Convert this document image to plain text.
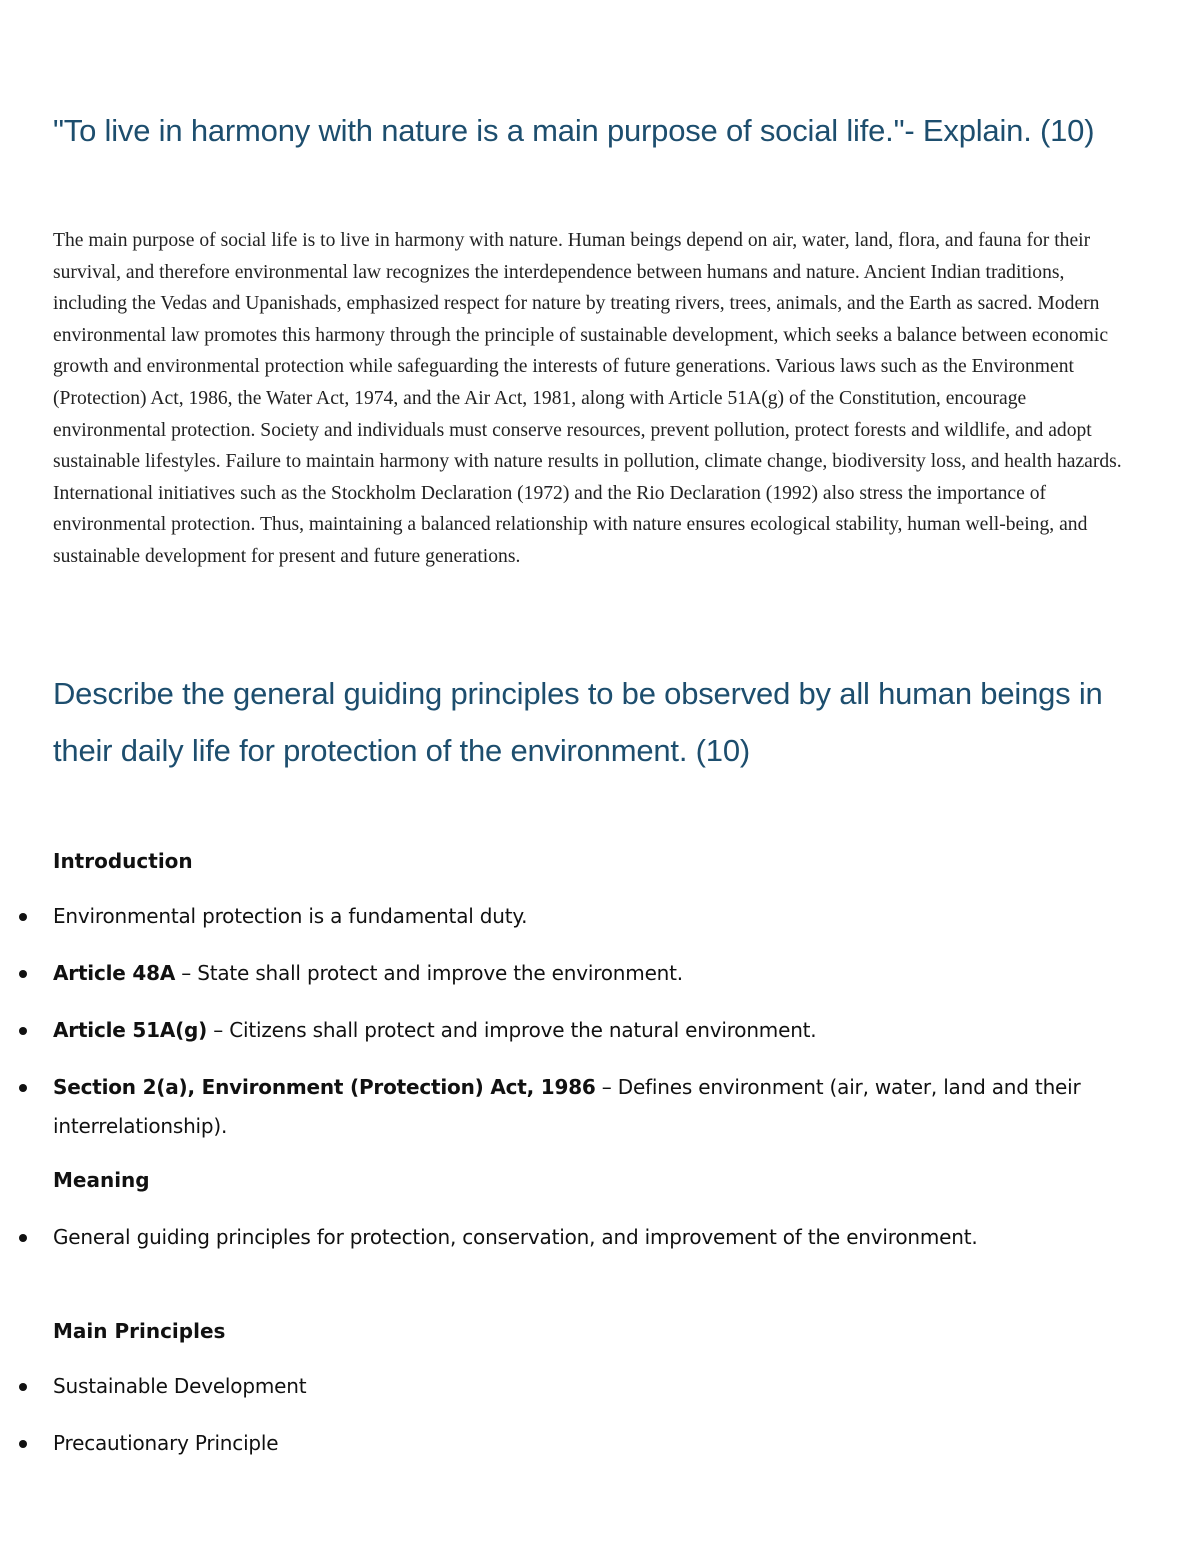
"To live in harmony with nature is a main purpose of social life."- Explain. (10)

The main purpose of social life is to live in harmony with nature. Human beings depend on air, water, land, flora, and fauna for their survival, and therefore environmental law recognizes the interdependence between humans and nature. Ancient Indian traditions, including the Vedas and Upanishads, emphasized respect for nature by treating rivers, trees, animals, and the Earth as sacred. Modern environmental law promotes this harmony through the principle of sustainable development, which seeks a balance between economic growth and environmental protection while safeguarding the interests of future generations. Various laws such as the Environment (Protection) Act, 1986, the Water Act, 1974, and the Air Act, 1981, along with Article 51A(g) of the Constitution, encourage environmental protection. Society and individuals must conserve resources, prevent pollution, protect forests and wildlife, and adopt sustainable lifestyles. Failure to maintain harmony with nature results in pollution, climate change, biodiversity loss, and health hazards. International initiatives such as the Stockholm Declaration (1972) and the Rio Declaration (1992) also stress the importance of environmental protection. Thus, maintaining a balanced relationship with nature ensures ecological stability, human well-being, and sustainable development for present and future generations.

Describe the general guiding principles to be observed by all human beings in their daily life for protection of the environment. (10)

Introduction

Environmental protection is a fundamental duty.

Article 48A – State shall protect and improve the environment.

Article 51A(g) – Citizens shall protect and improve the natural environment.

Section 2(a), Environment (Protection) Act, 1986 – Defines environment (air, water, land and their interrelationship).

Meaning

General guiding principles for protection, conservation, and improvement of the environment.

Main Principles

Sustainable Development

Precautionary Principle
